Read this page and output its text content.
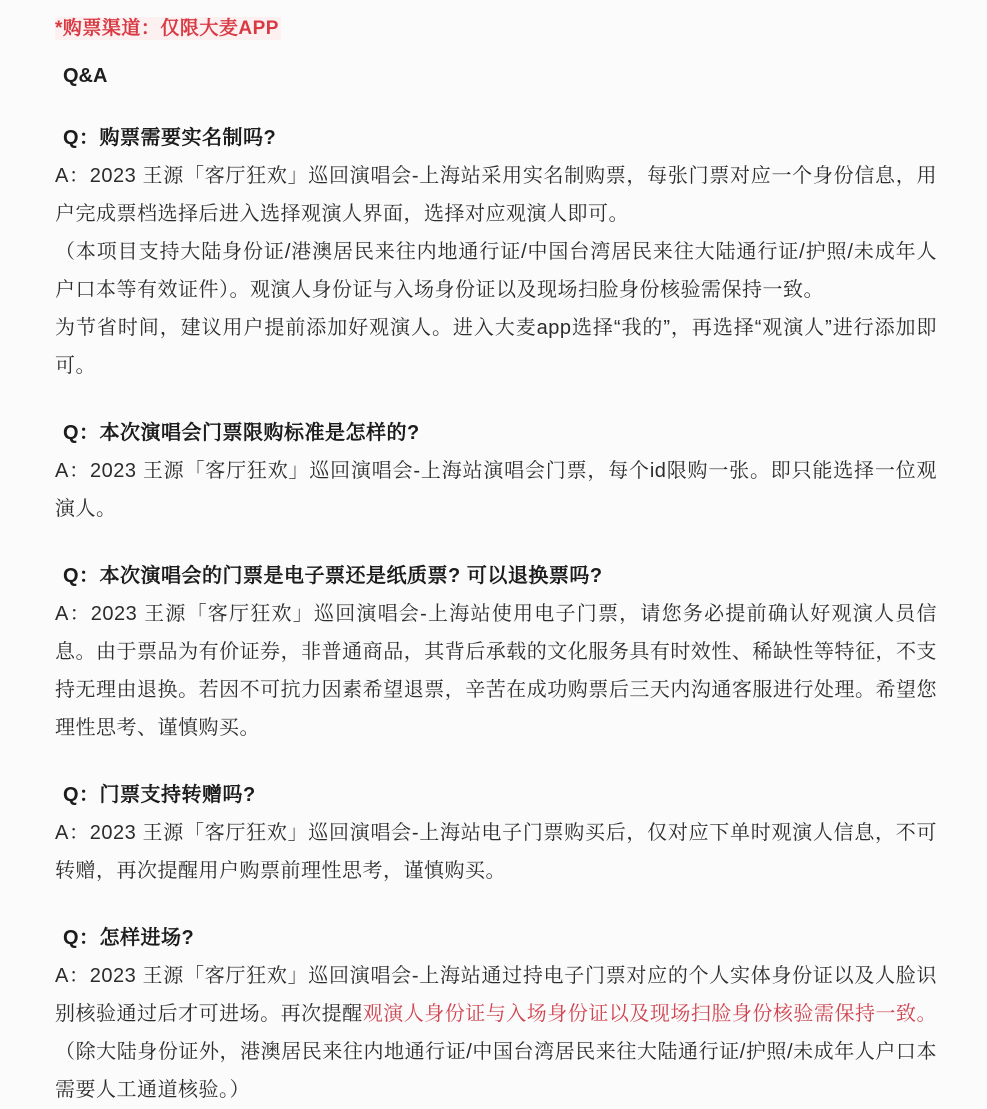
*购票渠道：仅限大麦APP
Q&A

Q：购票需要实名制吗?

A：2023 王源「客厅狂欢」巡回演唱会-上海站采用实名制购票，每张门票对应一个身份信息，用户完成票档选择后进入选择观演人界面，选择对应观演人即可。

（本项目支持大陆身份证/港澳居民来往内地通行证/中国台湾居民来往大陆通行证/护照/未成年人户口本等有效证件）。观演人身份证与入场身份证以及现场扫脸身份核验需保持一致。

为节省时间，建议用户提前添加好观演人。进入大麦app选择“我的”，再选择“观演人”进行添加即可。

Q：本次演唱会门票限购标准是怎样的?

A：2023 王源「客厅狂欢」巡回演唱会-上海站演唱会门票，每个id限购一张。即只能选择一位观演人。

Q：本次演唱会的门票是电子票还是纸质票? 可以退换票吗?

A：2023 王源「客厅狂欢」巡回演唱会-上海站使用电子门票，请您务必提前确认好观演人员信息。由于票品为有价证券，非普通商品，其背后承载的文化服务具有时效性、稀缺性等特征，不支持无理由退换。若因不可抗力因素希望退票，辛苦在成功购票后三天内沟通客服进行处理。希望您理性思考、谨慎购买。

Q：门票支持转赠吗?

A：2023 王源「客厅狂欢」巡回演唱会-上海站电子门票购买后，仅对应下单时观演人信息，不可转赠，再次提醒用户购票前理性思考，谨慎购买。

Q：怎样进场?

A：2023 王源「客厅狂欢」巡回演唱会-上海站通过持电子门票对应的个人实体身份证以及人脸识别核验通过后才可进场。再次提醒观演人身份证与入场身份证以及现场扫脸身份核验需保持一致。（除大陆身份证外，港澳居民来往内地通行证/中国台湾居民来往大陆通行证/护照/未成年人户口本需要人工通道核验。）
